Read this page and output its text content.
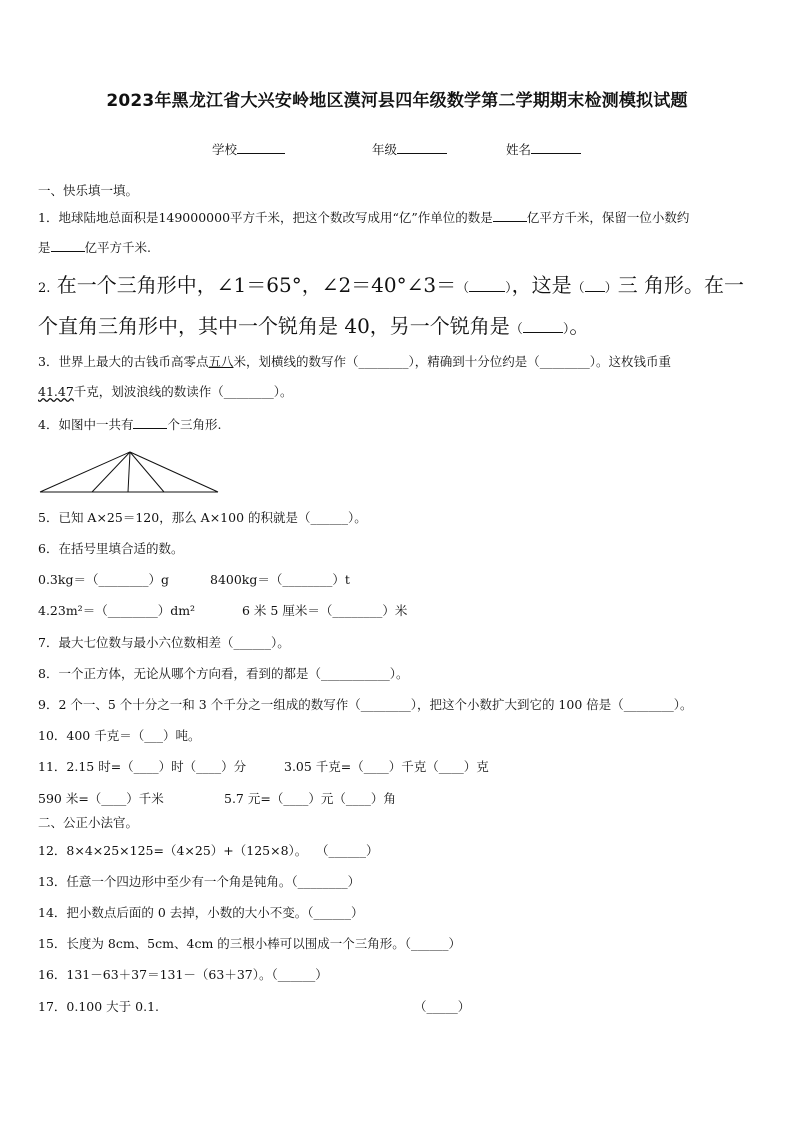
2023年黑龙江省大兴安岭地区漠河县四年级数学第二学期期末检测模拟试题
学校	年级	姓名
一、快乐填一填。
1．地球陆地总面积是149000000平方千米，把这个数改写成用“亿”作单位的数是	亿平方千米，保留一位小数约
是	亿平方千米.
2. 在一个三角形中，∠1＝65°，∠2＝40°∠3＝（	），这是（ ）三 角形。在一
个直角三角形中，其中一个锐角是 40，另一个锐角是（	）。
3．世界上最大的古钱币高零点五八米，划横线的数写作（________），精确到十分位约是（________）。这枚钱币重
41.47千克，划波浪线的数读作（________）。
4．如图中一共有	个三角形.
5．已知 A×25＝120，那么 A×100 的积就是（______）。
6．在括号里填合适的数。
0.3kg＝（________）g	8400kg＝（________）t
4.23m²＝（________）dm²	6 米 5 厘米＝（________）米
7．最大七位数与最小六位数相差（______）。
8．一个正方体，无论从哪个方向看，看到的都是（___________）。
9．2 个一、5 个十分之一和 3 个千分之一组成的数写作（________），把这个小数扩大到它的 100 倍是（________）。
10．400 千克＝（___）吨。
11．2.15 时=（____）时（____）分	3.05 千克=（____）千克（____）克
590 米=（____）千米	5.7 元=（____）元（____）角
二、公正小法官。
12．8×4×25×125=（4×25）+（125×8）。 （______）
13．任意一个四边形中至少有一个角是钝角。（________）
14．把小数点后面的 0 去掉，小数的大小不变。（______）
15．长度为 8cm、5cm、4cm 的三根小棒可以围成一个三角形。（______）
16．131－63＋37＝131－（63＋37）。（______）
17．0.100 大于 0.1.	（_____）
